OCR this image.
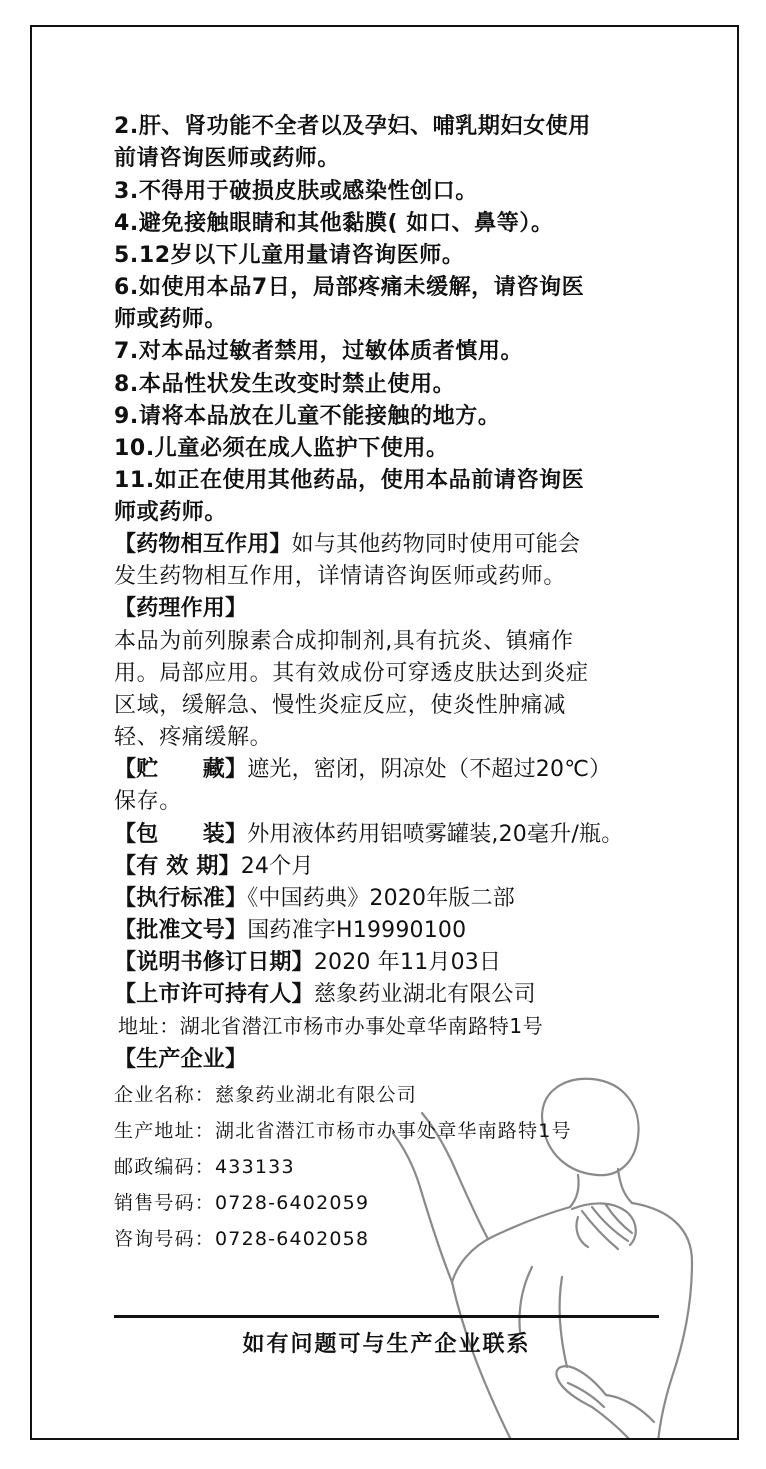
2.肝、肾功能不全者以及孕妇、哺乳期妇女使用
前请咨询医师或药师。
3.不得用于破损皮肤或感染性创口。
4.避免接触眼睛和其他黏膜( 如口、鼻等）。
5.12岁以下儿童用量请咨询医师。
6.如使用本品7日，局部疼痛未缓解，请咨询医
师或药师。
7.对本品过敏者禁用，过敏体质者慎用。
8.本品性状发生改变时禁止使用。
9.请将本品放在儿童不能接触的地方。
10.儿童必须在成人监护下使用。
11.如正在使用其他药品，使用本品前请咨询医
师或药师。
【药物相互作用】如与其他药物同时使用可能会
发生药物相互作用，详情请咨询医师或药师。
【药理作用】
本品为前列腺素合成抑制剂,具有抗炎、镇痛作
用。局部应用。其有效成份可穿透皮肤达到炎症
区域，缓解急、慢性炎症反应，使炎性肿痛减
轻、疼痛缓解。
【贮　　藏】遮光，密闭，阴凉处（不超过20℃）
保存。
【包　　装】外用液体药用铝喷雾罐装,20毫升/瓶。
【有 效 期】24个月
【执行标准】《中国药典》2020年版二部
【批准文号】国药准字H19990100
【说明书修订日期】2020 年11月03日
【上市许可持有人】慈象药业湖北有限公司
地址：湖北省潜江市杨市办事处章华南路特1号
【生产企业】
企业名称：慈象药业湖北有限公司
生产地址：湖北省潜江市杨市办事处章华南路特1号
邮政编码：433133
销售号码：0728-6402059
咨询号码：0728-6402058
如有问题可与生产企业联系
